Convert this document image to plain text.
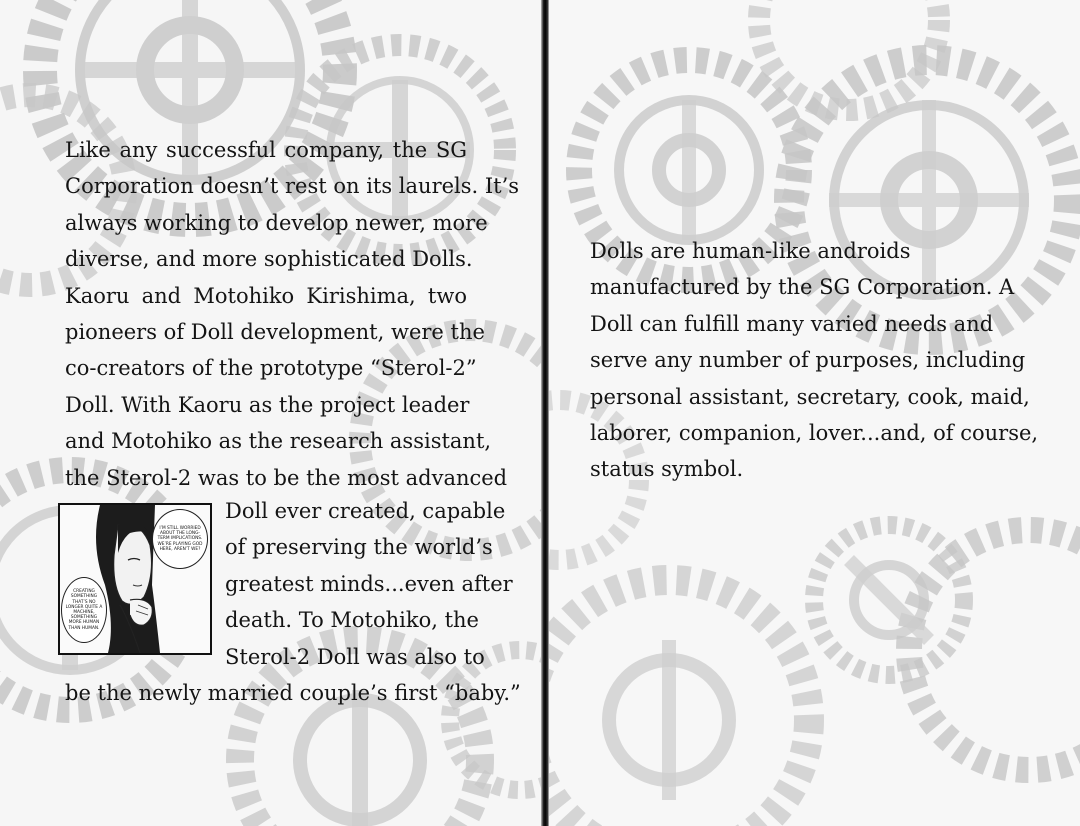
Like any successful company, the SG
Corporation doesn’t rest on its laurels. It’s
always working to develop newer, more
diverse, and more sophisticated Dolls.
Kaoru and Motohiko Kirishima, two
pioneers of Doll development, were the
co-creators of the prototype “Sterol-2”
Doll. With Kaoru as the project leader
and Motohiko as the research assistant,
the Sterol-2 was to be the most advanced
I’M STILL WORRIED ABOUT THE LONG-TERM IMPLICATIONS. WE’RE PLAYING GOD HERE, AREN’T WE?
CREATING SOMETHING THAT’S NO LONGER QUITE A MACHINE, SOMETHING MORE HUMAN THAN HUMAN.
Doll ever created, capable
of preserving the world’s
greatest minds...even after
death. To Motohiko, the
Sterol-2 Doll was also to
be the newly married couple’s first “baby.”
Dolls are human-like androids
manufactured by the SG Corporation. A
Doll can fulfill many varied needs and
serve any number of purposes, including
personal assistant, secretary, cook, maid,
laborer, companion, lover...and, of course,
status symbol.
